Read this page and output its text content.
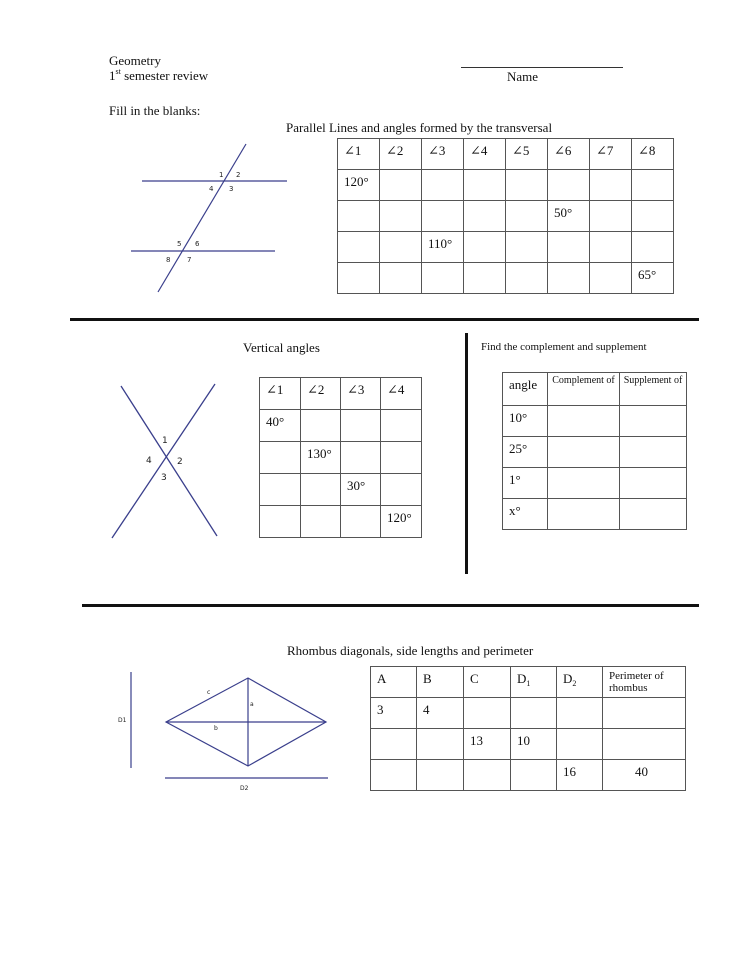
Geometry
1st semester review	Name
Fill in the blanks:
Parallel Lines and angles formed by the transversal
1 2
4 3
5 6
8 7
∠1	∠2	∠3	∠4	∠5	∠6	∠7	∠8
120°							
					50°		
		110°					
							65°
Vertical angles
1
4	2
3
∠1	∠2	∠3	∠4
40°			
	130°		
		30°	
			120°
Find the complement and supplement
angle	Complement of	Supplement of
10°		
25°		
1°		
x°		
Rhombus diagonals, side lengths and perimeter
c
a
b
D1
D2
A	B	C	$D_1$	$D_2$	Perimeter of rhombus
3	4				
		13	10		
				16	40
